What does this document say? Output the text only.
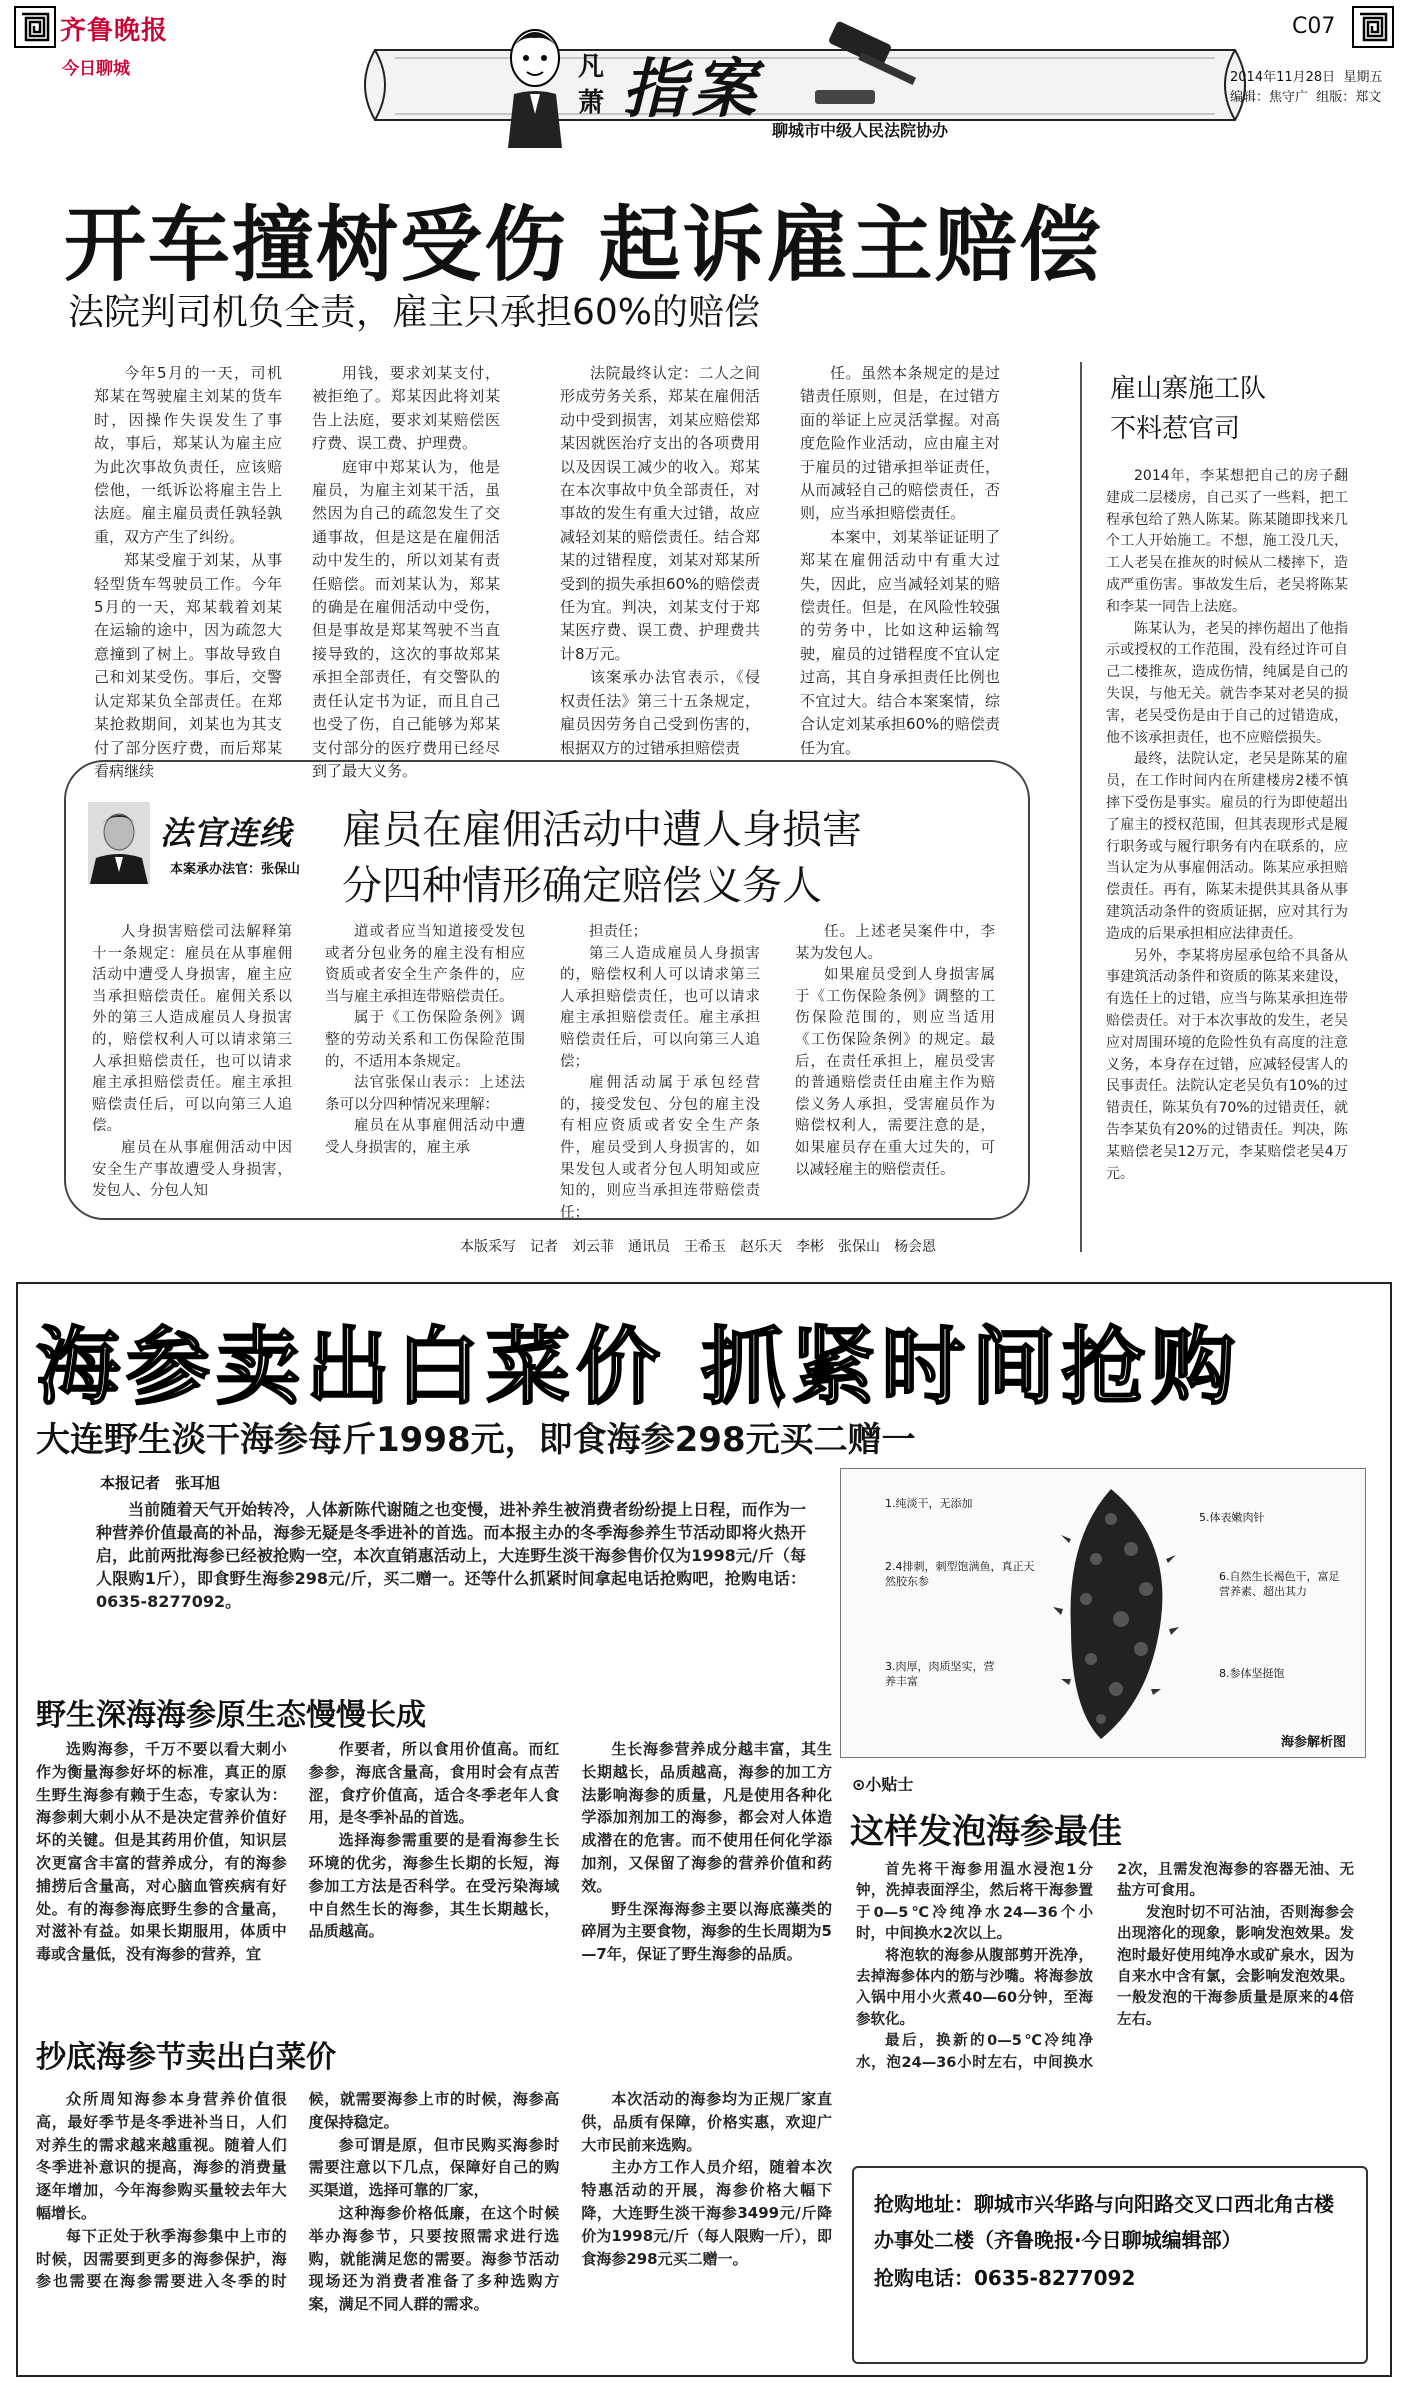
齐鲁晚报
今日聊城	凡
萧 指案
聊城市中级人民法院协办
C07
2014年11月28日 星期五
编辑：焦守广 组版：郑文
开车撞树受伤 起诉雇主赔偿
法院判司机负全责，雇主只承担60%的赔偿

今年5月的一天，司机郑某在驾驶雇主刘某的货车时，因操作失误发生了事故，事后，郑某认为雇主应为此次事故负责任，应该赔偿他，一纸诉讼将雇主告上法庭。雇主雇员责任孰轻孰重，双方产生了纠纷。

郑某受雇于刘某，从事轻型货车驾驶员工作。今年5月的一天，郑某载着刘某在运输的途中，因为疏忽大意撞到了树上。事故导致自己和刘某受伤。事后，交警认定郑某负全部责任。在郑某抢救期间，刘某也为其支付了部分医疗费，而后郑某看病继续

用钱，要求刘某支付，被拒绝了。郑某因此将刘某告上法庭，要求刘某赔偿医疗费、误工费、护理费。

庭审中郑某认为，他是雇员，为雇主刘某干活，虽然因为自己的疏忽发生了交通事故，但是这是在雇佣活动中发生的，所以刘某有责任赔偿。而刘某认为，郑某的确是在雇佣活动中受伤，但是事故是郑某驾驶不当直接导致的，这次的事故郑某承担全部责任，有交警队的责任认定书为证，而且自己也受了伤，自己能够为郑某支付部分的医疗费用已经尽到了最大义务。

法院最终认定：二人之间形成劳务关系，郑某在雇佣活动中受到损害，刘某应赔偿郑某因就医治疗支出的各项费用以及因误工减少的收入。郑某在本次事故中负全部责任，对事故的发生有重大过错，故应减轻刘某的赔偿责任。结合郑某的过错程度，刘某对郑某所受到的损失承担60%的赔偿责任为宜。判决，刘某支付于郑某医疗费、误工费、护理费共计8万元。

该案承办法官表示，《侵权责任法》第三十五条规定，雇员因劳务自己受到伤害的，根据双方的过错承担赔偿责

任。虽然本条规定的是过错责任原则，但是，在过错方面的举证上应灵活掌握。对高度危险作业活动，应由雇主对于雇员的过错承担举证责任，从而减轻自己的赔偿责任，否则，应当承担赔偿责任。

本案中，刘某举证证明了郑某在雇佣活动中有重大过失，因此，应当减轻刘某的赔偿责任。但是，在风险性较强的劳务中，比如这种运输驾驶，雇员的过错程度不宜认定过高，其自身承担责任比例也不宜过大。结合本案案情，综合认定刘某承担60%的赔偿责任为宜。

雇山寨施工队
不料惹官司

2014年，李某想把自己的房子翻建成二层楼房，自己买了一些料，把工程承包给了熟人陈某。陈某随即找来几个工人开始施工。不想，施工没几天，工人老吴在推灰的时候从二楼摔下，造成严重伤害。事故发生后，老吴将陈某和李某一同告上法庭。

陈某认为，老吴的摔伤超出了他指示或授权的工作范围，没有经过许可自己二楼推灰，造成伤情，纯属是自己的失误，与他无关。就告李某对老吴的损害，老吴受伤是由于自己的过错造成，他不该承担责任，也不应赔偿损失。

最终，法院认定，老吴是陈某的雇员，在工作时间内在所建楼房2楼不慎摔下受伤是事实。雇员的行为即使超出了雇主的授权范围，但其表现形式是履行职务或与履行职务有内在联系的，应当认定为从事雇佣活动。陈某应承担赔偿责任。再有，陈某未提供其具备从事建筑活动条件的资质证据，应对其行为造成的后果承担相应法律责任。

另外，李某将房屋承包给不具备从事建筑活动条件和资质的陈某来建设，有选任上的过错，应当与陈某承担连带赔偿责任。对于本次事故的发生，老吴应对周围环境的危险性负有高度的注意义务，本身存在过错，应减轻侵害人的民事责任。法院认定老吴负有10%的过错责任，陈某负有70%的过错责任，就告李某负有20%的过错责任。判决，陈某赔偿老吴12万元，李某赔偿老吴4万元。

法官连线
本案承办法官：张保山
雇员在雇佣活动中遭人身损害
分四种情形确定赔偿义务人

人身损害赔偿司法解释第十一条规定：雇员在从事雇佣活动中遭受人身损害，雇主应当承担赔偿责任。雇佣关系以外的第三人造成雇员人身损害的，赔偿权利人可以请求第三人承担赔偿责任，也可以请求雇主承担赔偿责任。雇主承担赔偿责任后，可以向第三人追偿。

雇员在从事雇佣活动中因安全生产事故遭受人身损害，发包人、分包人知

道或者应当知道接受发包或者分包业务的雇主没有相应资质或者安全生产条件的，应当与雇主承担连带赔偿责任。

属于《工伤保险条例》调整的劳动关系和工伤保险范围的，不适用本条规定。

法官张保山表示：上述法条可以分四种情况来理解：

雇员在从事雇佣活动中遭受人身损害的，雇主承

担责任；

第三人造成雇员人身损害的，赔偿权利人可以请求第三人承担赔偿责任，也可以请求雇主承担赔偿责任。雇主承担赔偿责任后，可以向第三人追偿；

雇佣活动属于承包经营的，接受发包、分包的雇主没有相应资质或者安全生产条件，雇员受到人身损害的，如果发包人或者分包人明知或应知的，则应当承担连带赔偿责任；

任。上述老吴案件中，李某为发包人。

如果雇员受到人身损害属于《工伤保险条例》调整的工伤保险范围的，则应当适用《工伤保险条例》的规定。最后，在责任承担上，雇员受害的普通赔偿责任由雇主作为赔偿义务人承担，受害雇员作为赔偿权利人，需要注意的是，如果雇员存在重大过失的，可以减轻雇主的赔偿责任。

本版采写　记者　刘云菲　通讯员　王希玉　赵乐天　李彬　张保山　杨会恩
海参卖出白菜价 抓紧时间抢购
大连野生淡干海参每斤1998元，即食海参298元买二赠一
本报记者　张耳旭

当前随着天气开始转冷，人体新陈代谢随之也变慢，进补养生被消费者纷纷提上日程，而作为一种营养价值最高的补品，海参无疑是冬季进补的首选。而本报主办的冬季海参养生节活动即将火热开启，此前两批海参已经被抢购一空，本次直销惠活动上，大连野生淡干海参售价仅为1998元/斤（每人限购1斤），即食野生海参298元/斤，买二赠一。还等什么抓紧时间拿起电话抢购吧，抢购电话：0635-8277092。

野生深海海参原生态慢慢长成

选购海参，千万不要以看大刺小作为衡量海参好坏的标准，真正的原生野生海参有赖于生态，专家认为：海参刺大刺小从不是决定营养价值好坏的关键。但是其药用价值，知识层次更富含丰富的营养成分，有的海参捕捞后含量高，对心脑血管疾病有好处。有的海参海底野生参的含量高，对滋补有益。如果长期服用，体质中毒或含量低，没有海参的营养，宜

作要者，所以食用价值高。而红参参，海底含量高，食用时会有点苦涩，食疗价值高，适合冬季老年人食用，是冬季补品的首选。

选择海参需重要的是看海参生长环境的优劣，海参生长期的长短，海参加工方法是否科学。在受污染海域中自然生长的海参，其生长期越长，品质越高。

生长海参营养成分越丰富，其生长期越长，品质越高，海参的加工方法影响海参的质量，凡是使用各种化学添加剂加工的海参，都会对人体造成潜在的危害。而不使用任何化学添加剂，又保留了海参的营养价值和药效。

野生深海海参主要以海底藻类的碎屑为主要食物，海参的生长周期为5—7年，保证了野生海参的品质。

抄底海参节卖出白菜价

众所周知海参本身营养价值很高，最好季节是冬季进补当日，人们对养生的需求越来越重视。随着人们冬季进补意识的提高，海参的消费量逐年增加，今年海参购买量较去年大幅增长。

每下正处于秋季海参集中上市的时候，因需要到更多的海参保护，海参也需要在海参需要进入冬季的时候，就需要海参上市的时候，海参高度保持稳定。

参可谓是原，但市民购买海参时需要注意以下几点，保障好自己的购买渠道，选择可靠的厂家，

这种海参价格低廉，在这个时候举办海参节，只要按照需求进行选购，就能满足您的需要。海参节活动现场还为消费者准备了多种选购方案，满足不同人群的需求。

本次活动的海参均为正规厂家直供，品质有保障，价格实惠，欢迎广大市民前来选购。

主办方工作人员介绍，随着本次特惠活动的开展，海参价格大幅下降，大连野生淡干海参3499元/斤降价为1998元/斤（每人限购一斤），即食海参298元买二赠一。

1.纯淡干，无添加
5.体表嫩肉针
2.4排刺，刺型饱满鱼，真正天然胶东参	6.自然生长褐色干，富足营养素、超出其力
3.肉厚，肉质坚实，营养丰富
8.参体坚挺饱
海参解析图
⊙小贴士
这样发泡海参最佳

首先将干海参用温水浸泡1分钟，洗掉表面浮尘，然后将干海参置于0—5℃冷纯净水24—36个小时，中间换水2次以上。

将泡软的海参从腹部剪开洗净，去掉海参体内的筋与沙嘴。将海参放入锅中用小火煮40—60分钟，至海参软化。

最后，换新的0—5℃冷纯净水，泡24—36小时左右，中间换水2次，且需发泡海参的容器无油、无盐方可食用。

发泡时切不可沾油，否则海参会出现溶化的现象，影响发泡效果。发泡时最好使用纯净水或矿泉水，因为自来水中含有氯，会影响发泡效果。一般发泡的干海参质量是原来的4倍左右。

抢购地址：聊城市兴华路与向阳路交叉口西北角古楼办事处二楼（齐鲁晚报·今日聊城编辑部）
抢购电话：0635-8277092
